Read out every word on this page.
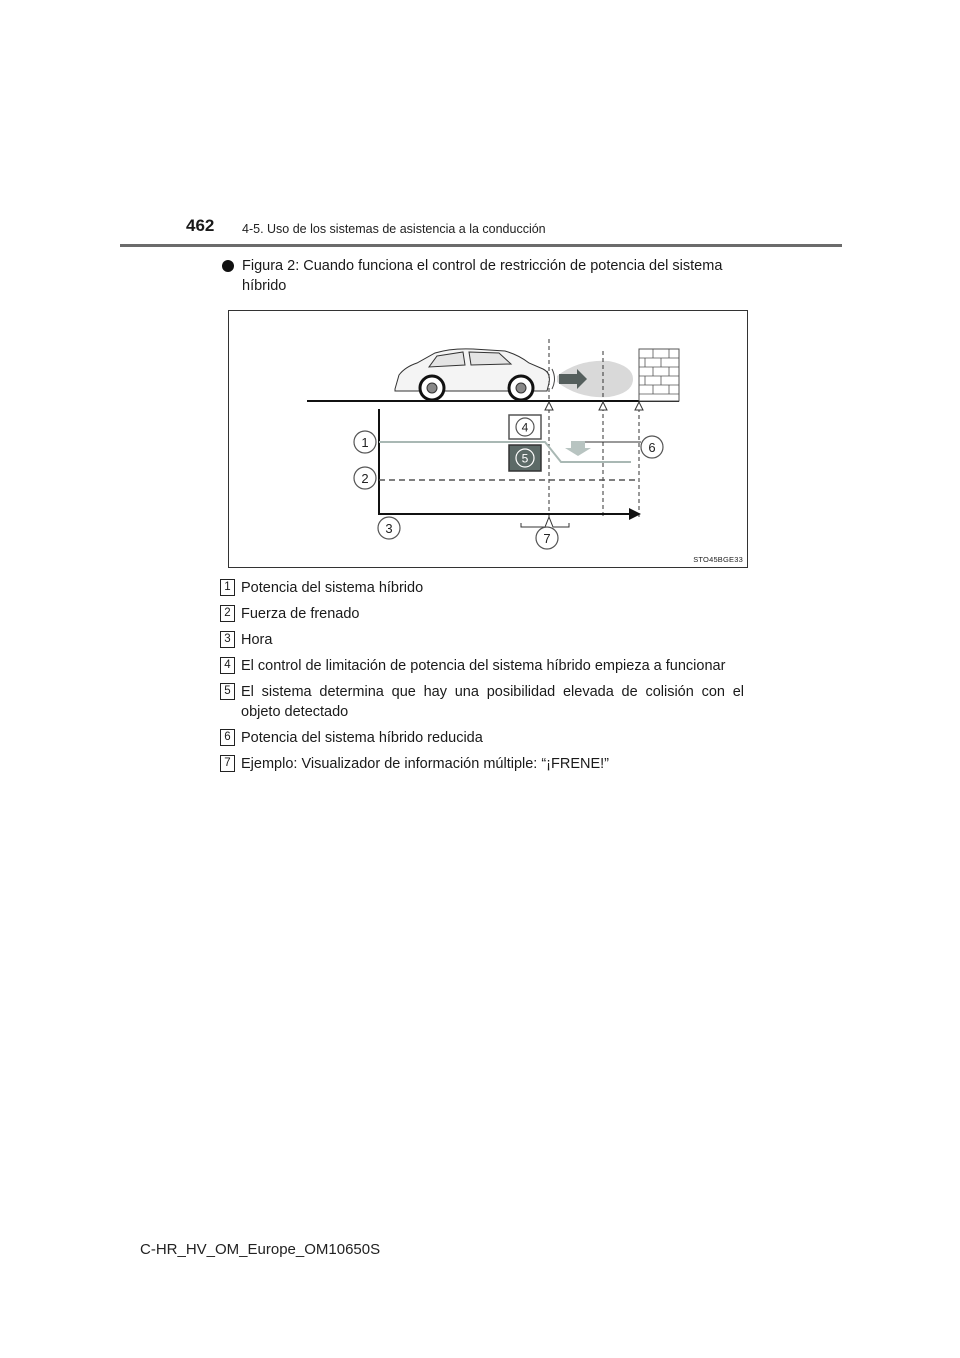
462 4-5. Uso de los sistemas de asistencia a la conducción
Figura 2: Cuando funciona el control de restricción de potencia del sistema híbrido
1
2
3
4
5
6
7
STO45BGE33
1 Potencia del sistema híbrido
2 Fuerza de frenado
3 Hora
4 El control de limitación de potencia del sistema híbrido empieza a funcionar
5 El sistema determina que hay una posibilidad elevada de colisión con el objeto detectado
6 Potencia del sistema híbrido reducida
7 Ejemplo: Visualizador de información múltiple: “¡FRENE!”
C-HR_HV_OM_Europe_OM10650S
